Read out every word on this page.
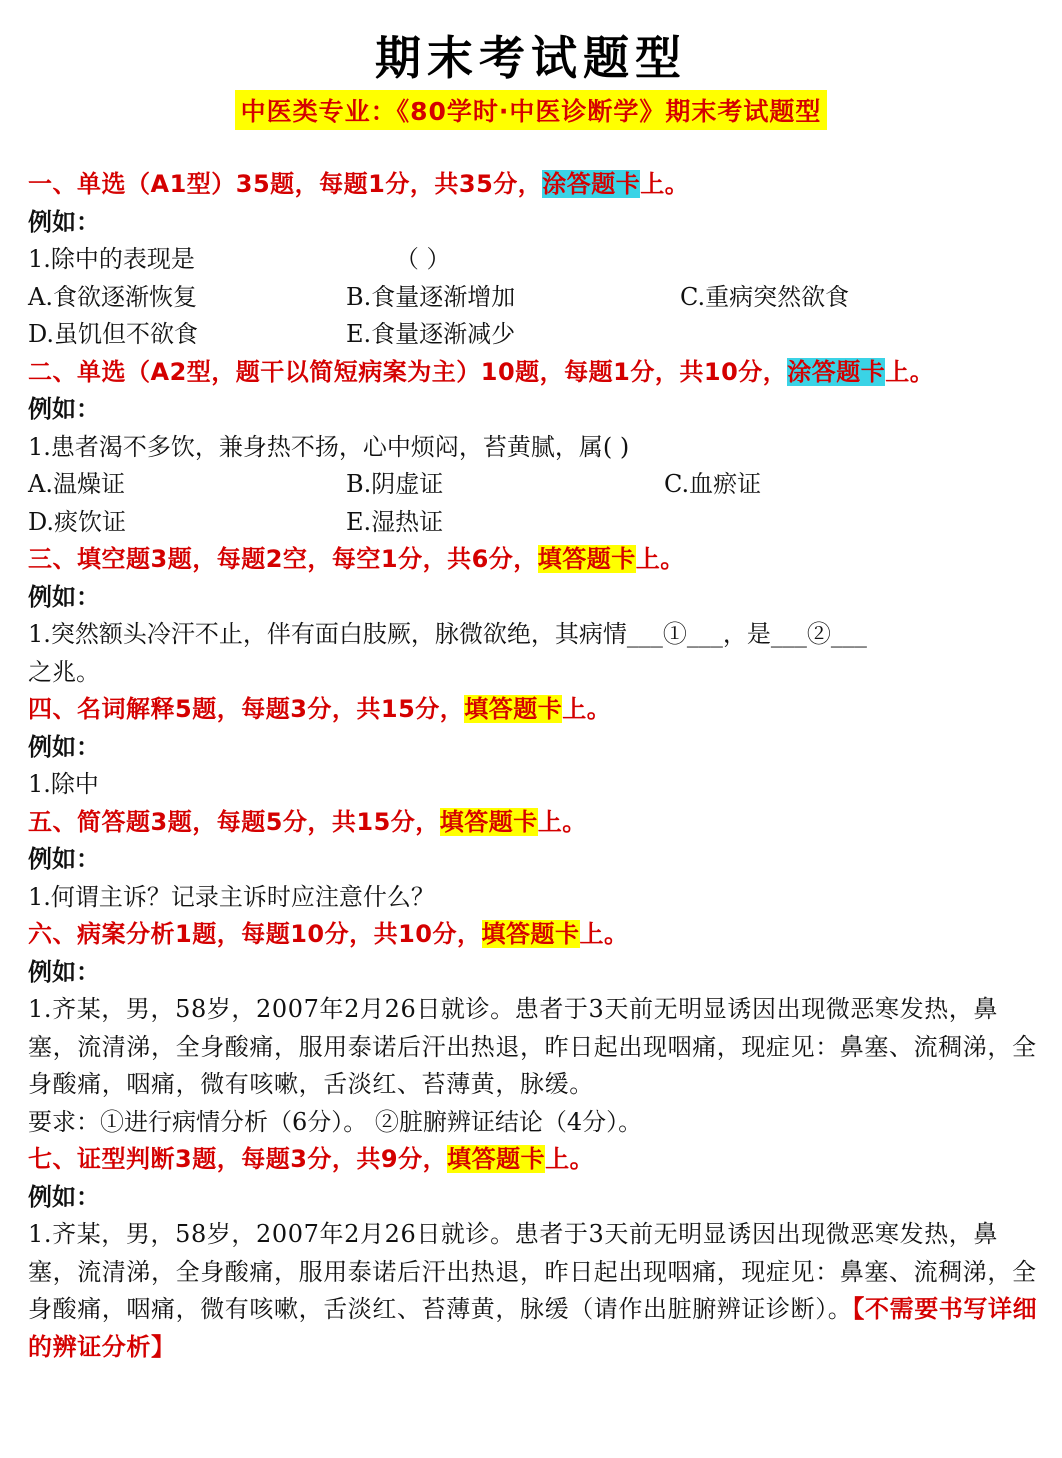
期末考试题型
中医类专业：《80学时·中医诊断学》期末考试题型
一、单选（A1型）35题，每题1分，共35分，涂答题卡上。
例如：
1.除中的表现是	（ ）
A.食欲逐渐恢复	B.食量逐渐增加	C.重病突然欲食
D.虽饥但不欲食	E.食量逐渐减少
二、单选（A2型，题干以简短病案为主）10题，每题1分，共10分，涂答题卡上。
例如：
1.患者渴不多饮，兼身热不扬，心中烦闷，苔黄腻，属( )
A.温燥证	B.阴虚证	C.血瘀证
D.痰饮证	E.湿热证
三、填空题3题，每题2空，每空1分，共6分，填答题卡上。
例如：
1.突然额头冷汗不止，伴有面白肢厥，脉微欲绝，其病情___①___，是___②___
之兆。
四、名词解释5题，每题3分，共15分，填答题卡上。
例如：
1.除中
五、简答题3题，每题5分，共15分，填答题卡上。
例如：
1.何谓主诉？记录主诉时应注意什么？
六、病案分析1题，每题10分，共10分，填答题卡上。
例如：
1.齐某，男，58岁，2007年2月26日就诊。患者于3天前无明显诱因出现微恶寒发热，鼻塞，流清涕，全身酸痛，服用泰诺后汗出热退，昨日起出现咽痛，现症见：鼻塞、流稠涕，全身酸痛，咽痛，微有咳嗽，舌淡红、苔薄黄，脉缓。
要求：①进行病情分析（6分）。 ②脏腑辨证结论（4分）。
七、证型判断3题，每题3分，共9分，填答题卡上。
例如：
1.齐某，男，58岁，2007年2月26日就诊。患者于3天前无明显诱因出现微恶寒发热，鼻塞，流清涕，全身酸痛，服用泰诺后汗出热退，昨日起出现咽痛，现症见：鼻塞、流稠涕，全身酸痛，咽痛，微有咳嗽，舌淡红、苔薄黄，脉缓（请作出脏腑辨证诊断）。【不需要书写详细的辨证分析】
